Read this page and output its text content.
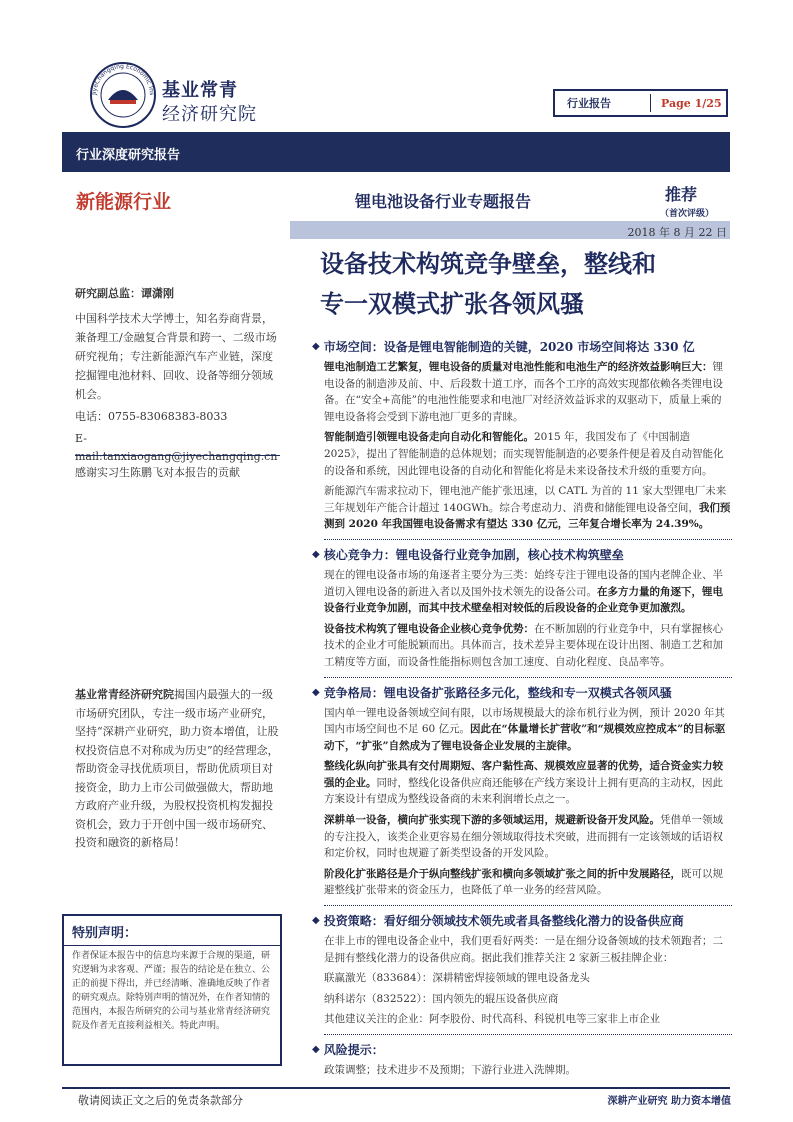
JiyeChangqing Economic Ins 基业常青
经济研究院
行业报告	Page 1/25
行业深度研究报告
新能源行业	锂电池设备行业专题报告	推荐
（首次评级）
2018 年 8 月 22 日
设备技术构筑竞争壁垒，整线和
专一双模式扩张各领风骚
研究副总监：谭潇刚
中国科学技术大学博士，知名券商背景，兼备理工/金融复合背景和跨一、二级市场研究视角；专注新能源汽车产业链，深度挖掘锂电池材料、回收、设备等细分领域机会。
电话：0755-83068383-8033
E-mail:tanxiaogang@jiyechangqing.cn
感谢实习生陈鹏飞对本报告的贡献
基业常青经济研究院揭国内最强大的一级市场研究团队，专注一级市场产业研究，坚持“深耕产业研究，助力资本增值，让股权投资信息不对称成为历史”的经营理念，帮助资金寻找优质项目，帮助优质项目对接资金，助力上市公司做强做大，帮助地方政府产业升级，为股权投资机构发掘投资机会，致力于开创中国一级市场研究、投资和融资的新格局！
特别声明：
作者保证本报告中的信息均来源于合规的渠道，研究逻辑为求客观、严谨；报告的结论是在独立、公正的前提下得出，并已经清晰、准确地反映了作者的研究观点。除特别声明的情况外，在作者知情的范围内，本报告所研究的公司与基业常青经济研究院及作者无直接利益相关。特此声明。
◆ 市场空间：设备是锂电智能制造的关键，2020 市场空间将达 330 亿
锂电池制造工艺繁复，锂电设备的质量对电池性能和电池生产的经济效益影响巨大：锂电设备的制造涉及前、中、后段数十道工序，而各个工序的高效实现都依赖各类锂电设备。在“安全+高能”的电池性能要求和电池厂对经济效益诉求的双驱动下，质量上乘的锂电设备将会受到下游电池厂更多的青睐。
智能制造引领锂电设备走向自动化和智能化。2015 年，我国发布了《中国制造2025》，提出了智能制造的总体规划；而实现智能制造的必要条件便是着及自动智能化的设备和系统，因此锂电设备的自动化和智能化将是未来设备技术升级的重要方向。
新能源汽车需求拉动下，锂电池产能扩张迅速，以 CATL 为首的 11 家大型锂电厂未来三年规划年产能合计超过 140GWh。综合考虑动力、消费和储能锂电设备空间，我们预测到 2020 年我国锂电设备需求有望达 330 亿元，三年复合增长率为 24.39%。
◆ 核心竞争力：锂电设备行业竞争加剧，核心技术构筑壁垒
现在的锂电设备市场的角逐者主要分为三类：始终专注于锂电设备的国内老牌企业、半道切入锂电设备的新进入者以及国外技术领先的设备公司。在多方力量的角逐下，锂电设备行业竞争加剧，而其中技术壁垒相对较低的后段设备的企业竞争更加激烈。
设备技术构筑了锂电设备企业核心竞争优势：在不断加剧的行业竞争中，只有掌握核心技术的企业才可能脱颖而出。具体而言，技术差异主要体现在设计出图、制造工艺和加工精度等方面，而设备性能指标则包含加工速度、自动化程度、良品率等。
◆ 竞争格局：锂电设备扩张路径多元化，整线和专一双模式各领风骚
国内单一锂电设备领域空间有限，以市场规模最大的涂布机行业为例，预计 2020 年其国内市场空间也不足 60 亿元。因此在“体量增长扩营收”和“规模效应控成本”的目标驱动下，“扩张”自然成为了锂电设备企业发展的主旋律。
整线化纵向扩张具有交付周期短、客户黏性高、规模效应显著的优势，适合资金实力较强的企业。同时，整线化设备供应商还能够在产线方案设计上拥有更高的主动权，因此方案设计有望成为整线设备商的未来利润增长点之一。
深耕单一设备，横向扩张实现下游的多领域运用，规避新设备开发风险。凭借单一领域的专注投入，该类企业更容易在细分领域取得技术突破，进而拥有一定该领域的话语权和定价权，同时也规避了新类型设备的开发风险。
阶段化扩张路径是介于纵向整线扩张和横向多领域扩张之间的折中发展路径，既可以规避整线扩张带来的资金压力，也降低了单一业务的经营风险。
◆ 投资策略：看好细分领域技术领先或者具备整线化潜力的设备供应商
在非上市的锂电设备企业中，我们更看好两类：一是在细分设备领域的技术领跑者；二是拥有整线化潜力的设备供应商。据此我们推荐关注 2 家新三板挂牌企业：
联赢激光（833684）：深耕精密焊接领域的锂电设备龙头
纳科诺尔（832522）：国内领先的辊压设备供应商
其他建议关注的企业：阿李股份、时代高科、科锐机电等三家非上市企业
◆ 风险提示：
政策调整；技术进步不及预期；下游行业进入洗牌期。
敬请阅读正文之后的免责条款部分	深耕产业研究 助力资本增值
